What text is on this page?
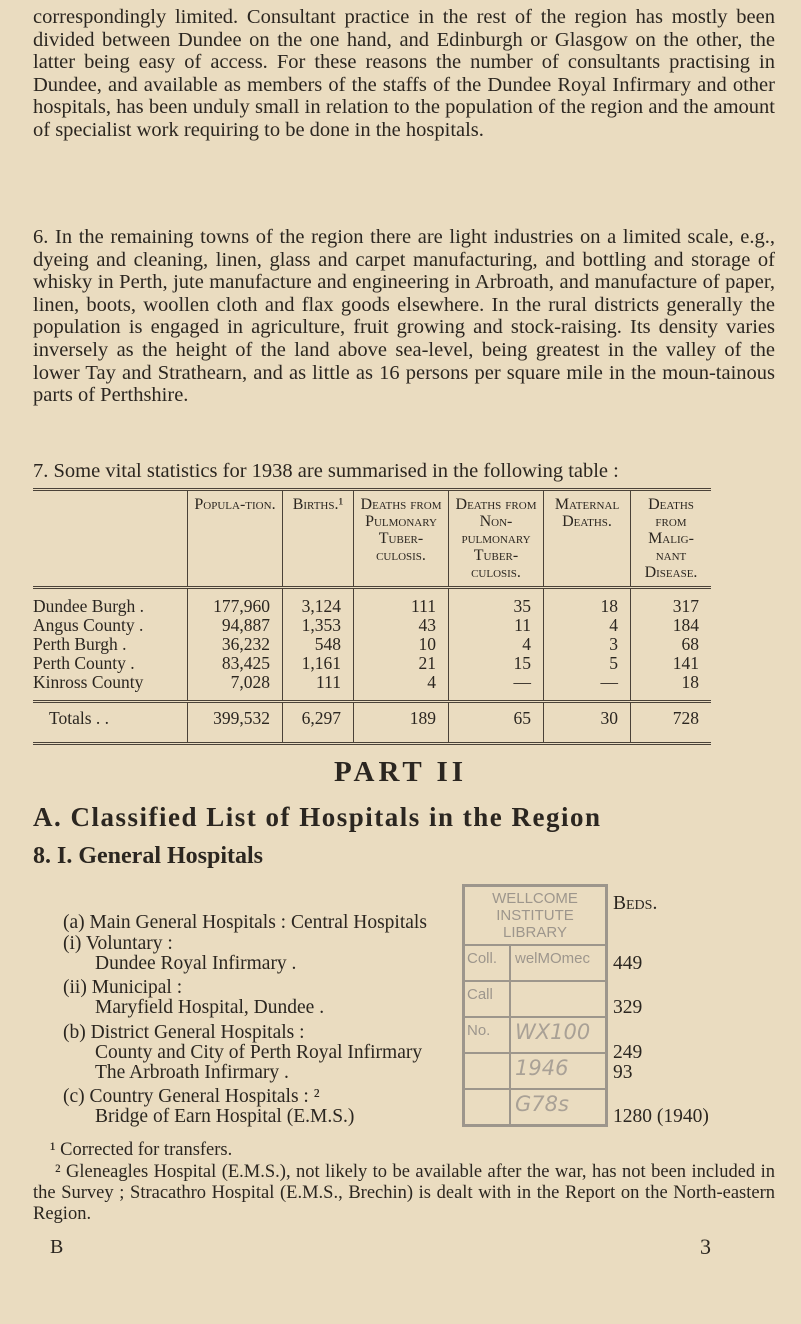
correspondingly limited. Consultant practice in the rest of the region has mostly been divided between Dundee on the one hand, and Edinburgh or Glasgow on the other, the latter being easy of access. For these reasons the number of consultants practising in Dundee, and available as members of the staffs of the Dundee Royal Infirmary and other hospitals, has been unduly small in relation to the population of the region and the amount of specialist work requiring to be done in the hospitals.

6. In the remaining towns of the region there are light industries on a limited scale, e.g., dyeing and cleaning, linen, glass and carpet manufacturing, and bottling and storage of whisky in Perth, jute manufacture and engineering in Arbroath, and manufacture of paper, linen, boots, woollen cloth and flax goods elsewhere. In the rural districts generally the population is engaged in agriculture, fruit growing and stock-raising. Its density varies inversely as the height of the land above sea-level, being greatest in the valley of the lower Tay and Strathearn, and as little as 16 persons per square mile in the moun-tainous parts of Perthshire.

7. Some vital statistics for 1938 are summarised in the following table :

	Popula-tion.	Births.¹	Deaths from Pulmonary Tuber-culosis.	Deaths from Non-pulmonary Tuber-culosis.	Maternal Deaths.	Deaths from Malig-nant Disease.
Dundee Burgh .	177,960	3,124	111	35	18	317
Angus County .	94,887	1,353	43	11	4	184
Perth Burgh .	36,232	548	10	4	3	68
Perth County .	83,425	1,161	21	15	5	141
Kinross County	7,028	111	4	—	—	18
Totals . .	399,532	6,297	189	65	30	728
PART II
A. Classified List of Hospitals in the Region
8. I. General Hospitals
Beds.
(a) Main General Hospitals : Central Hospitals
(i) Voluntary :
Dundee Royal Infirmary .	449
(ii) Municipal :
Maryfield Hospital, Dundee .	329
(b) District General Hospitals :
County and City of Perth Royal Infirmary	249
The Arbroath Infirmary .	93
(c) Country General Hospitals : ²
Bridge of Earn Hospital (E.M.S.)	1280 (1940)
WELLCOME INSTITUTE LIBRARY
Coll.	welMOmec
Call
No.	WX100
1946
G78s
¹ Corrected for transfers.
² Gleneagles Hospital (E.M.S.), not likely to be available after the war, has not been included in the Survey ; Stracathro Hospital (E.M.S., Brechin) is dealt with in the Report on the North-eastern Region.
B	3
